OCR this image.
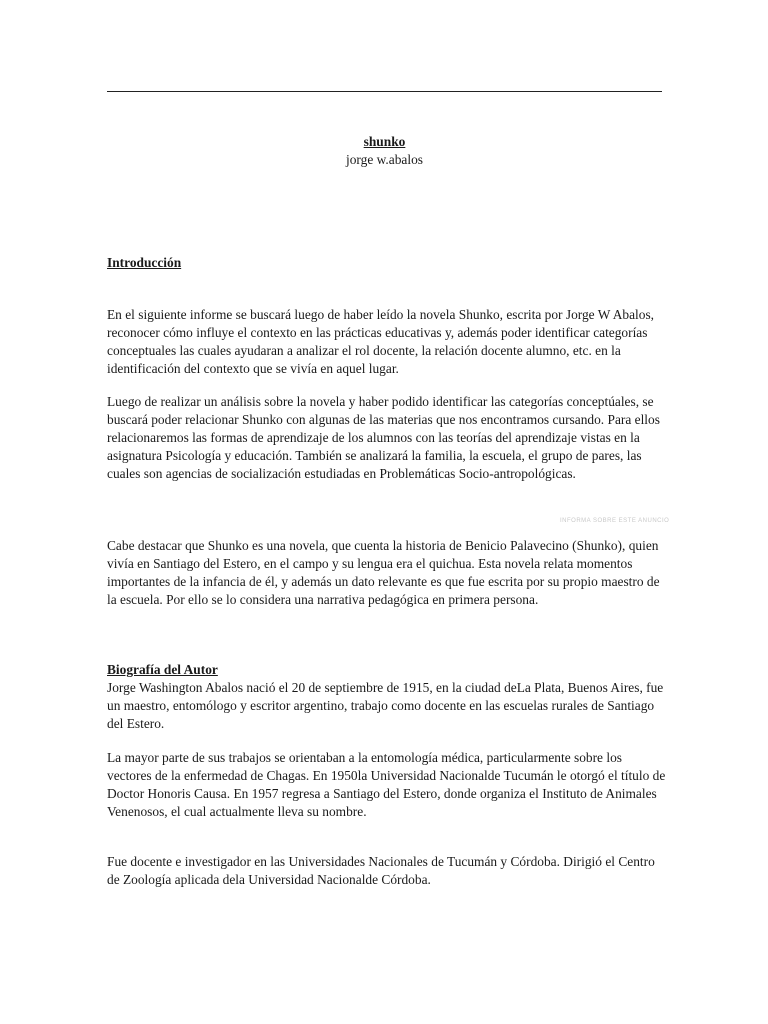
shunko
jorge w.abalos
Introducción

En el siguiente informe se buscará luego de haber leído la novela Shunko, escrita por Jorge W Abalos, reconocer cómo influye el contexto en las prácticas educativas y, además poder identificar categorías conceptuales las cuales ayudaran a analizar el rol docente, la relación docente alumno, etc. en la identificación del contexto que se vivía en aquel lugar.

Luego de realizar un análisis sobre la novela y haber podido identificar las categorías conceptúales, se buscará poder relacionar Shunko con algunas de las materias que nos encontramos cursando. Para ellos relacionaremos las formas de aprendizaje de los alumnos con las teorías del aprendizaje vistas en la asignatura Psicología y educación. También se analizará la familia, la escuela, el grupo de pares, las cuales son agencias de socialización estudiadas en Problemáticas Socio-antropológicas.

INFORMA SOBRE ESTE ANUNCIO

Cabe destacar que Shunko es una novela, que cuenta la historia de Benicio Palavecino (Shunko), quien vivía en Santiago del Estero, en el campo y su lengua era el quichua. Esta novela relata momentos importantes de la infancia de él, y además un dato relevante es que fue escrita por su propio maestro de la escuela. Por ello se lo considera una narrativa pedagógica en primera persona.

Biografía del Autor

Jorge Washington Abalos nació el 20 de septiembre de 1915, en la ciudad deLa Plata, Buenos Aires, fue un maestro, entomólogo y escritor argentino, trabajo como docente en las escuelas rurales de Santiago del Estero.

La mayor parte de sus trabajos se orientaban a la entomología médica, particularmente sobre los vectores de la enfermedad de Chagas. En 1950la Universidad Nacionalde Tucumán le otorgó el título de Doctor Honoris Causa. En 1957 regresa a Santiago del Estero, donde organiza el Instituto de Animales Venenosos, el cual actualmente lleva su nombre.

Fue docente e investigador en las Universidades Nacionales de Tucumán y Córdoba. Dirigió el Centro de Zoología aplicada dela Universidad Nacionalde Córdoba.
